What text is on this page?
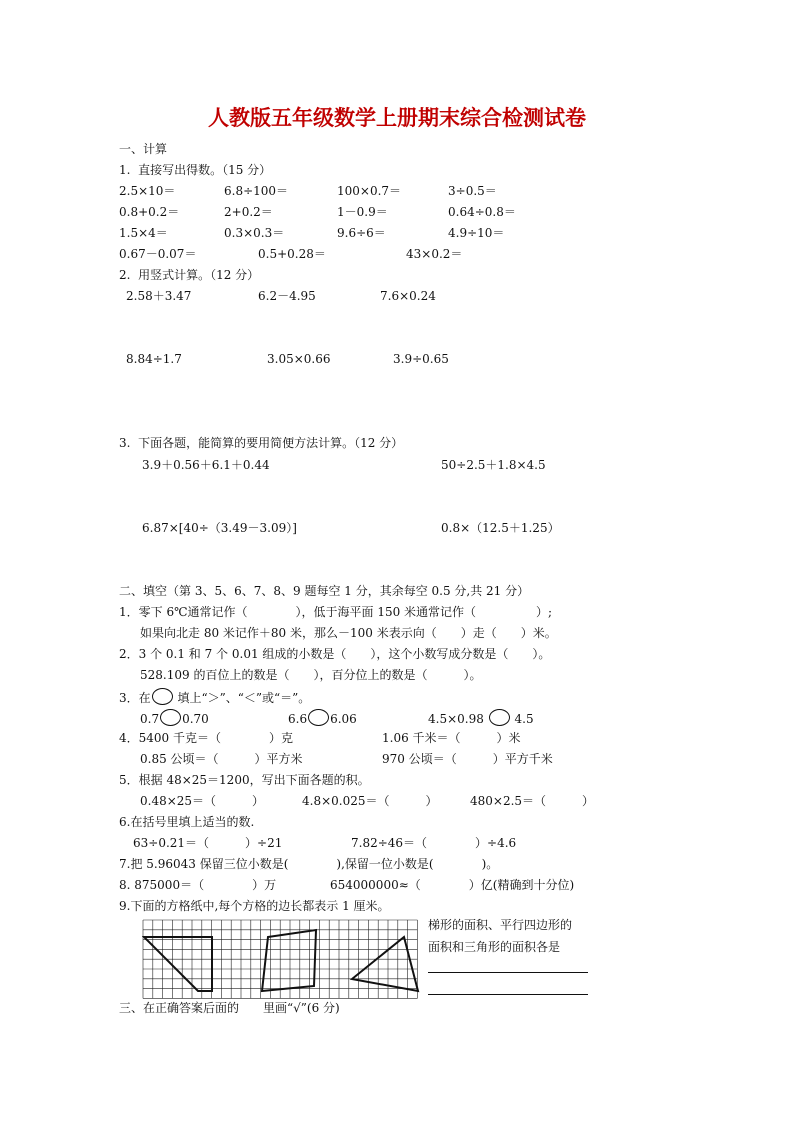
人教版五年级数学上册期末综合检测试卷
一、计算
1.  直接写出得数。（15 分）
2.5×10＝	6.8÷100＝	100×0.7＝	3÷0.5＝
0.8+0.2＝	2+0.2＝	1－0.9＝	0.64÷0.8＝
1.5×4＝	0.3×0.3＝	9.6÷6＝	4.9÷10＝
0.67－0.07＝	0.5+0.28＝	43×0.2＝
2.  用竖式计算。（12 分）
2.58＋3.47	6.2－4.95	7.6×0.24
8.84÷1.7	3.05×0.66	3.9÷0.65
3.  下面各题，能简算的要用简便方法计算。（12 分）
3.9＋0.56＋6.1＋0.44	50÷2.5＋1.8×4.5
6.87×[40÷（3.49－3.09）]	0.8×（12.5＋1.25）
二、填空（第 3、5、6、7、8、9 题每空 1 分，其余每空 0.5 分,共 21 分）
1．零下 6℃通常记作（　　　　），低于海平面 150 米通常记作（　　　　　）;
如果向北走 80 米记作＋80 米，那么－100 米表示向（　　）走（　　）米。
2．3 个 0.1 和 7 个 0.01 组成的小数是（　　），这个小数写成分数是（　　）。
528.109 的百位上的数是（　　），百分位上的数是（　　　）。
3．在 填上“＞”、“＜”或“＝”。
0.7 0.70	6.6 6.06	4.5×0.98	4.5
4．5400 千克＝（　　　　）克	1.06 千米＝（　　　）米
0.85 公顷＝（　　　）平方米	970 公顷＝（　　　）平方千米
5．根据 48×25＝1200，写出下面各题的积。
0.48×25＝（　　　）	4.8×0.025＝（　　　）	480×2.5＝（　　　）
6.在括号里填上适当的数.
63÷0.21＝（　　　）÷21	7.82÷46＝（　　　　）÷4.6
7.把 5.96043 保留三位小数是(　　　　),保留一位小数是(　　　　)。
8. 875000＝（　　　　）万	654000000≈（　　　　）亿(精确到十分位)
9.下面的方格纸中,每个方格的边长都表示 1 厘米。
梯形的面积、平行四边形的
面积和三角形的面积各是
三、在正确答案后面的　　里画“√”(6 分)
